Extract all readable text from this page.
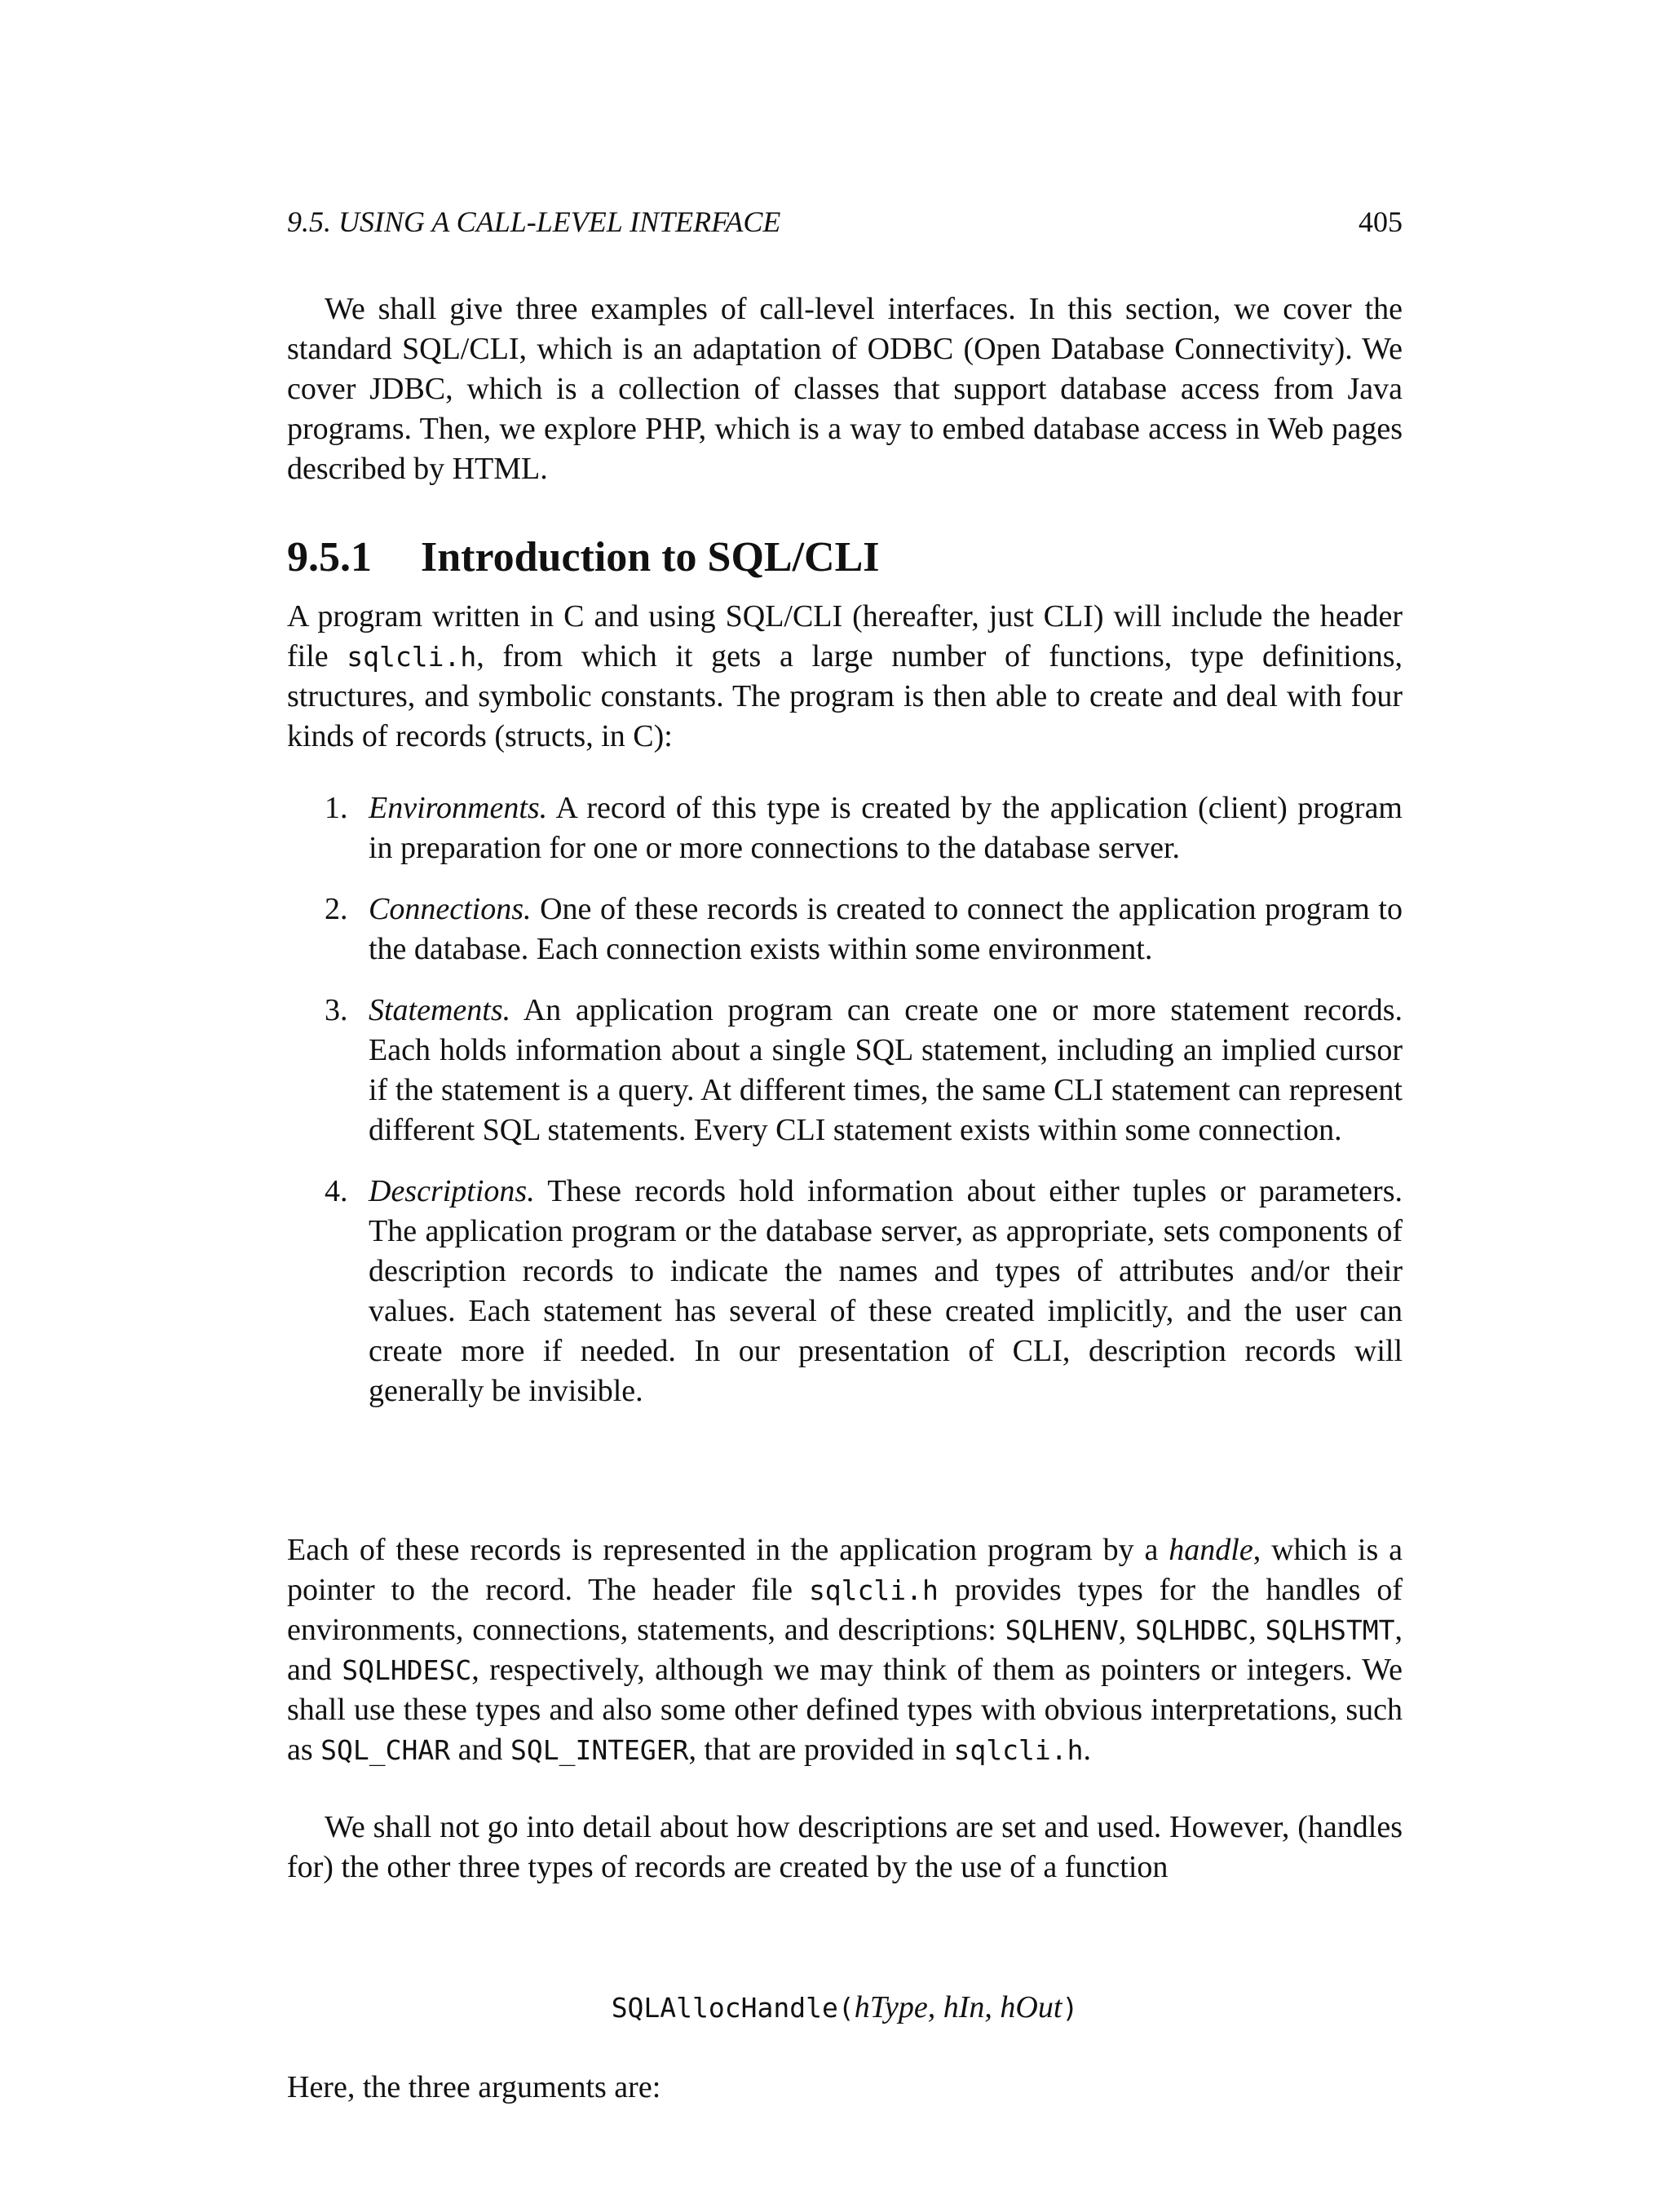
9.5. USING A CALL-LEVEL INTERFACE	405

We shall give three examples of call-level interfaces. In this section, we cover the standard SQL/CLI, which is an adaptation of ODBC (Open Database Connectivity). We cover JDBC, which is a collection of classes that support database access from Java programs. Then, we explore PHP, which is a way to embed database access in Web pages described by HTML.

9.5.1 Introduction to SQL/CLI

A program written in C and using SQL/CLI (hereafter, just CLI) will include the header file sqlcli.h, from which it gets a large number of functions, type definitions, structures, and symbolic constants. The program is then able to create and deal with four kinds of records (structs, in C):

1. Environments. A record of this type is created by the application (client) program in preparation for one or more connections to the database server.
2. Connections. One of these records is created to connect the application program to the database. Each connection exists within some environment.
3. Statements. An application program can create one or more statement records. Each holds information about a single SQL statement, including an implied cursor if the statement is a query. At different times, the same CLI statement can represent different SQL statements. Every CLI statement exists within some connection.
4. Descriptions. These records hold information about either tuples or parameters. The application program or the database server, as appropriate, sets components of description records to indicate the names and types of attributes and/or their values. Each statement has several of these created implicitly, and the user can create more if needed. In our presentation of CLI, description records will generally be invisible.

Each of these records is represented in the application program by a handle, which is a pointer to the record. The header file sqlcli.h provides types for the handles of environments, connections, statements, and descriptions: SQLHENV, SQLHDBC, SQLHSTMT, and SQLHDESC, respectively, although we may think of them as pointers or integers. We shall use these types and also some other defined types with obvious interpretations, such as SQL_CHAR and SQL_INTEGER, that are provided in sqlcli.h.

We shall not go into detail about how descriptions are set and used. However, (handles for) the other three types of records are created by the use of a function

SQLAllocHandle(hType, hIn, hOut)

Here, the three arguments are:
